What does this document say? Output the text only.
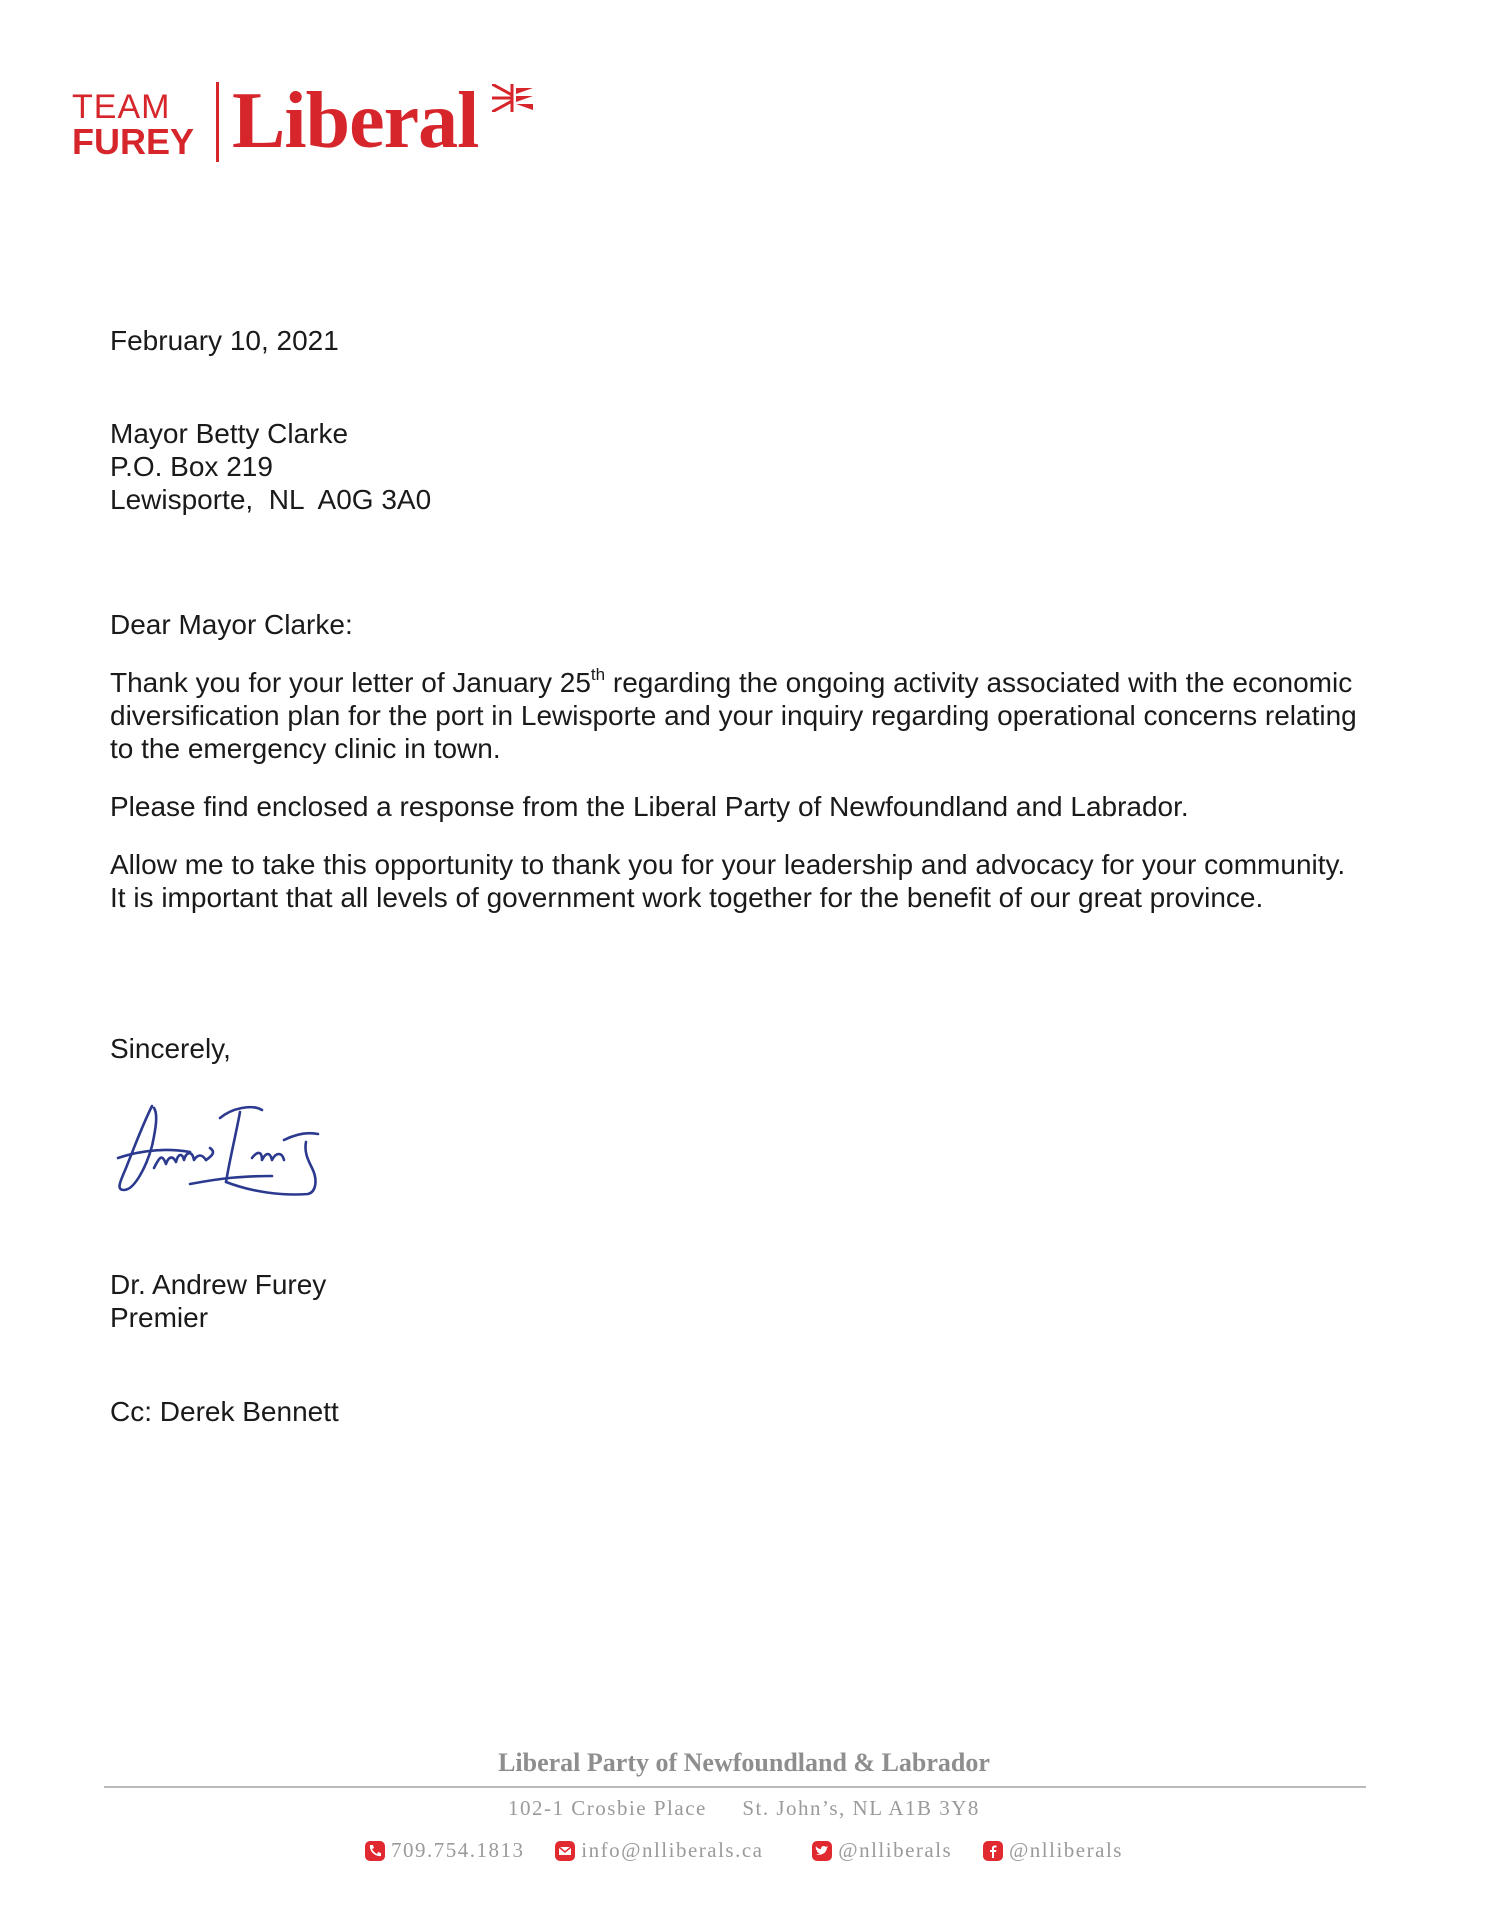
TEAM
FUREY Liberal

February 10, 2021

Mayor Betty Clarke
P.O. Box 219
Lewisporte,  NL  A0G 3A0

Dear Mayor Clarke:

Thank you for your letter of January 25th regarding the ongoing activity associated with the economic diversification plan for the port in Lewisporte and your inquiry regarding operational concerns relating to the emergency clinic in town.

Please find enclosed a response from the Liberal Party of Newfoundland and Labrador.

Allow me to take this opportunity to thank you for your leadership and advocacy for your community. It is important that all levels of government work together for the benefit of our great province.

Sincerely,

Dr. Andrew Furey
Premier

Cc: Derek Bennett

Liberal Party of Newfoundland & Labrador
102-1 Crosbie Place St. John’s, NL A1B 3Y8
709.754.1813
	info@nlliberals.ca
	@nlliberals
	@nlliberals
